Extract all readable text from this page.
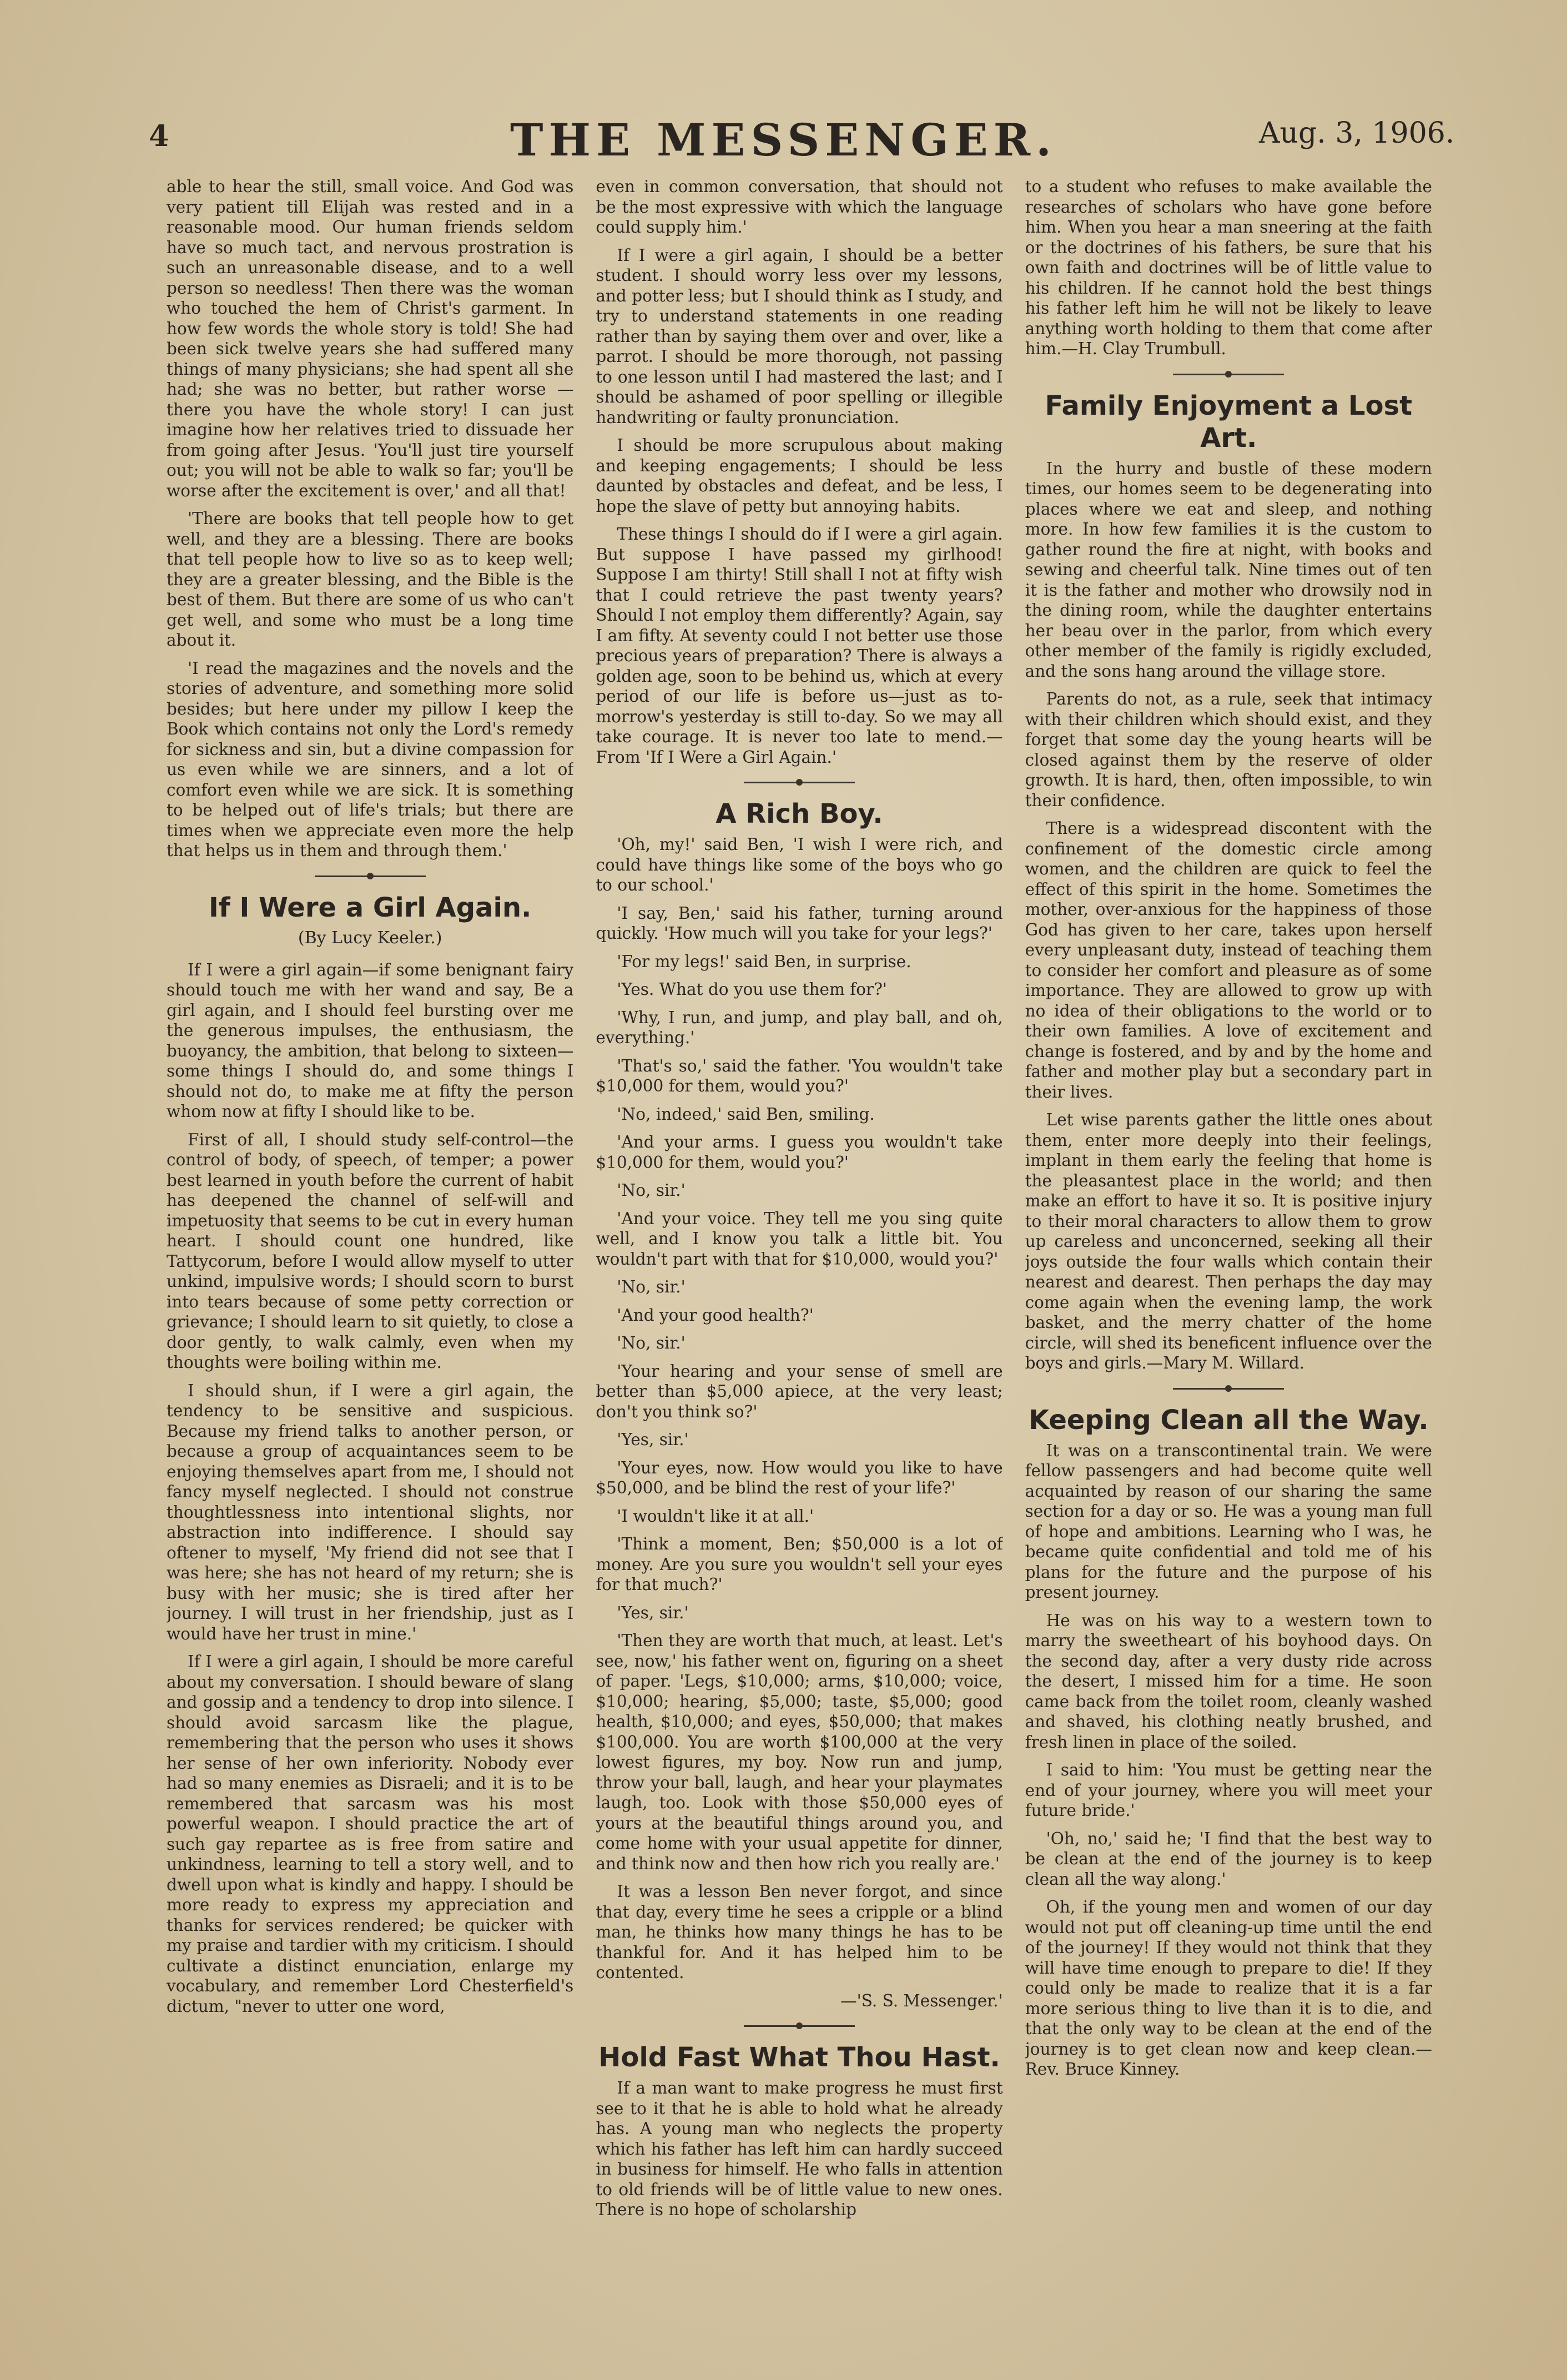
4	THE MESSENGER.	Aug. 3, 1906.

able to hear the still, small voice. And God was very patient till Elijah was rested and in a reasonable mood. Our human friends seldom have so much tact, and nervous prostration is such an unreasonable disease, and to a well person so needless! Then there was the woman who touched the hem of Christ's garment. In how few words the whole story is told! She had been sick twelve years she had suffered many things of many physicians; she had spent all she had; she was no better, but rather worse — there you have the whole story! I can just imagine how her relatives tried to dissuade her from going after Jesus. 'You'll just tire yourself out; you will not be able to walk so far; you'll be worse after the excitement is over,' and all that!

'There are books that tell people how to get well, and they are a blessing. There are books that tell people how to live so as to keep well; they are a greater blessing, and the Bible is the best of them. But there are some of us who can't get well, and some who must be a long time about it.

'I read the magazines and the novels and the stories of adventure, and something more solid besides; but here under my pillow I keep the Book which contains not only the Lord's remedy for sickness and sin, but a divine compassion for us even while we are sinners, and a lot of comfort even while we are sick. It is something to be helped out of life's trials; but there are times when we appreciate even more the help that helps us in them and through them.'

If I Were a Girl Again.
(By Lucy Keeler.)

If I were a girl again—if some benignant fairy should touch me with her wand and say, Be a girl again, and I should feel bursting over me the generous impulses, the enthusiasm, the buoyancy, the ambition, that belong to sixteen—some things I should do, and some things I should not do, to make me at fifty the person whom now at fifty I should like to be.

First of all, I should study self-control—the control of body, of speech, of temper; a power best learned in youth before the current of habit has deepened the channel of self-will and impetuosity that seems to be cut in every human heart. I should count one hundred, like Tattycorum, before I would allow myself to utter unkind, impulsive words; I should scorn to burst into tears because of some petty correction or grievance; I should learn to sit quietly, to close a door gently, to walk calmly, even when my thoughts were boiling within me.

I should shun, if I were a girl again, the tendency to be sensitive and suspicious. Because my friend talks to another person, or because a group of acquaintances seem to be enjoying themselves apart from me, I should not fancy myself neglected. I should not construe thoughtlessness into intentional slights, nor abstraction into indifference. I should say oftener to myself, 'My friend did not see that I was here; she has not heard of my return; she is busy with her music; she is tired after her journey. I will trust in her friendship, just as I would have her trust in mine.'

If I were a girl again, I should be more careful about my conversation. I should beware of slang and gossip and a tendency to drop into silence. I should avoid sarcasm like the plague, remembering that the person who uses it shows her sense of her own inferiority. Nobody ever had so many enemies as Disraeli; and it is to be remembered that sarcasm was his most powerful weapon. I should practice the art of such gay repartee as is free from satire and unkindness, learning to tell a story well, and to dwell upon what is kindly and happy. I should be more ready to express my appreciation and thanks for services rendered; be quicker with my praise and tardier with my criticism. I should cultivate a distinct enunciation, enlarge my vocabulary, and remember Lord Chesterfield's dictum, "never to utter one word,

even in common conversation, that should not be the most expressive with which the language could supply him.'

If I were a girl again, I should be a better student. I should worry less over my lessons, and potter less; but I should think as I study, and try to understand statements in one reading rather than by saying them over and over, like a parrot. I should be more thorough, not passing to one lesson until I had mastered the last; and I should be ashamed of poor spelling or illegible handwriting or faulty pronunciation.

I should be more scrupulous about making and keeping engagements; I should be less daunted by obstacles and defeat, and be less, I hope the slave of petty but annoying habits.

These things I should do if I were a girl again. But suppose I have passed my girlhood! Suppose I am thirty! Still shall I not at fifty wish that I could retrieve the past twenty years? Should I not employ them differently? Again, say I am fifty. At seventy could I not better use those precious years of preparation? There is always a golden age, soon to be behind us, which at every period of our life is before us—just as to-morrow's yesterday is still to-day. So we may all take courage. It is never too late to mend.—From 'If I Were a Girl Again.'

A Rich Boy.

'Oh, my!' said Ben, 'I wish I were rich, and could have things like some of the boys who go to our school.'

'I say, Ben,' said his father, turning around quickly. 'How much will you take for your legs?'

'For my legs!' said Ben, in surprise.

'Yes. What do you use them for?'

'Why, I run, and jump, and play ball, and oh, everything.'

'That's so,' said the father. 'You wouldn't take $10,000 for them, would you?'

'No, indeed,' said Ben, smiling.

'And your arms. I guess you wouldn't take $10,000 for them, would you?'

'No, sir.'

'And your voice. They tell me you sing quite well, and I know you talk a little bit. You wouldn't part with that for $10,000, would you?'

'No, sir.'

'And your good health?'

'No, sir.'

'Your hearing and your sense of smell are better than $5,000 apiece, at the very least; don't you think so?'

'Yes, sir.'

'Your eyes, now. How would you like to have $50,000, and be blind the rest of your life?'

'I wouldn't like it at all.'

'Think a moment, Ben; $50,000 is a lot of money. Are you sure you wouldn't sell your eyes for that much?'

'Yes, sir.'

'Then they are worth that much, at least. Let's see, now,' his father went on, figuring on a sheet of paper. 'Legs, $10,000; arms, $10,000; voice, $10,000; hearing, $5,000; taste, $5,000; good health, $10,000; and eyes, $50,000; that makes $100,000. You are worth $100,000 at the very lowest figures, my boy. Now run and jump, throw your ball, laugh, and hear your playmates laugh, too. Look with those $50,000 eyes of yours at the beautiful things around you, and come home with your usual appetite for dinner, and think now and then how rich you really are.'

It was a lesson Ben never forgot, and since that day, every time he sees a cripple or a blind man, he thinks how many things he has to be thankful for. And it has helped him to be contented.

—'S. S. Messenger.'

Hold Fast What Thou Hast.

If a man want to make progress he must first see to it that he is able to hold what he already has. A young man who neglects the property which his father has left him can hardly succeed in business for himself. He who falls in attention to old friends will be of little value to new ones. There is no hope of scholarship

to a student who refuses to make available the researches of scholars who have gone before him. When you hear a man sneering at the faith or the doctrines of his fathers, be sure that his own faith and doctrines will be of little value to his children. If he cannot hold the best things his father left him he will not be likely to leave anything worth holding to them that come after him.—H. Clay Trumbull.

Family Enjoyment a Lost Art.

In the hurry and bustle of these modern times, our homes seem to be degenerating into places where we eat and sleep, and nothing more. In how few families it is the custom to gather round the fire at night, with books and sewing and cheerful talk. Nine times out of ten it is the father and mother who drowsily nod in the dining room, while the daughter entertains her beau over in the parlor, from which every other member of the family is rigidly excluded, and the sons hang around the village store.

Parents do not, as a rule, seek that intimacy with their children which should exist, and they forget that some day the young hearts will be closed against them by the reserve of older growth. It is hard, then, often impossible, to win their confidence.

There is a widespread discontent with the confinement of the domestic circle among women, and the children are quick to feel the effect of this spirit in the home. Sometimes the mother, over-anxious for the happiness of those God has given to her care, takes upon herself every unpleasant duty, instead of teaching them to consider her comfort and pleasure as of some importance. They are allowed to grow up with no idea of their obligations to the world or to their own families. A love of excitement and change is fostered, and by and by the home and father and mother play but a secondary part in their lives.

Let wise parents gather the little ones about them, enter more deeply into their feelings, implant in them early the feeling that home is the pleasantest place in the world; and then make an effort to have it so. It is positive injury to their moral characters to allow them to grow up careless and unconcerned, seeking all their joys outside the four walls which contain their nearest and dearest. Then perhaps the day may come again when the evening lamp, the work basket, and the merry chatter of the home circle, will shed its beneficent influence over the boys and girls.—Mary M. Willard.

Keeping Clean all the Way.

It was on a transcontinental train. We were fellow passengers and had become quite well acquainted by reason of our sharing the same section for a day or so. He was a young man full of hope and ambitions. Learning who I was, he became quite confidential and told me of his plans for the future and the purpose of his present journey.

He was on his way to a western town to marry the sweetheart of his boyhood days. On the second day, after a very dusty ride across the desert, I missed him for a time. He soon came back from the toilet room, cleanly washed and shaved, his clothing neatly brushed, and fresh linen in place of the soiled.

I said to him: 'You must be getting near the end of your journey, where you will meet your future bride.'

'Oh, no,' said he; 'I find that the best way to be clean at the end of the journey is to keep clean all the way along.'

Oh, if the young men and women of our day would not put off cleaning-up time until the end of the journey! If they would not think that they will have time enough to prepare to die! If they could only be made to realize that it is a far more serious thing to live than it is to die, and that the only way to be clean at the end of the journey is to get clean now and keep clean.—Rev. Bruce Kinney.
